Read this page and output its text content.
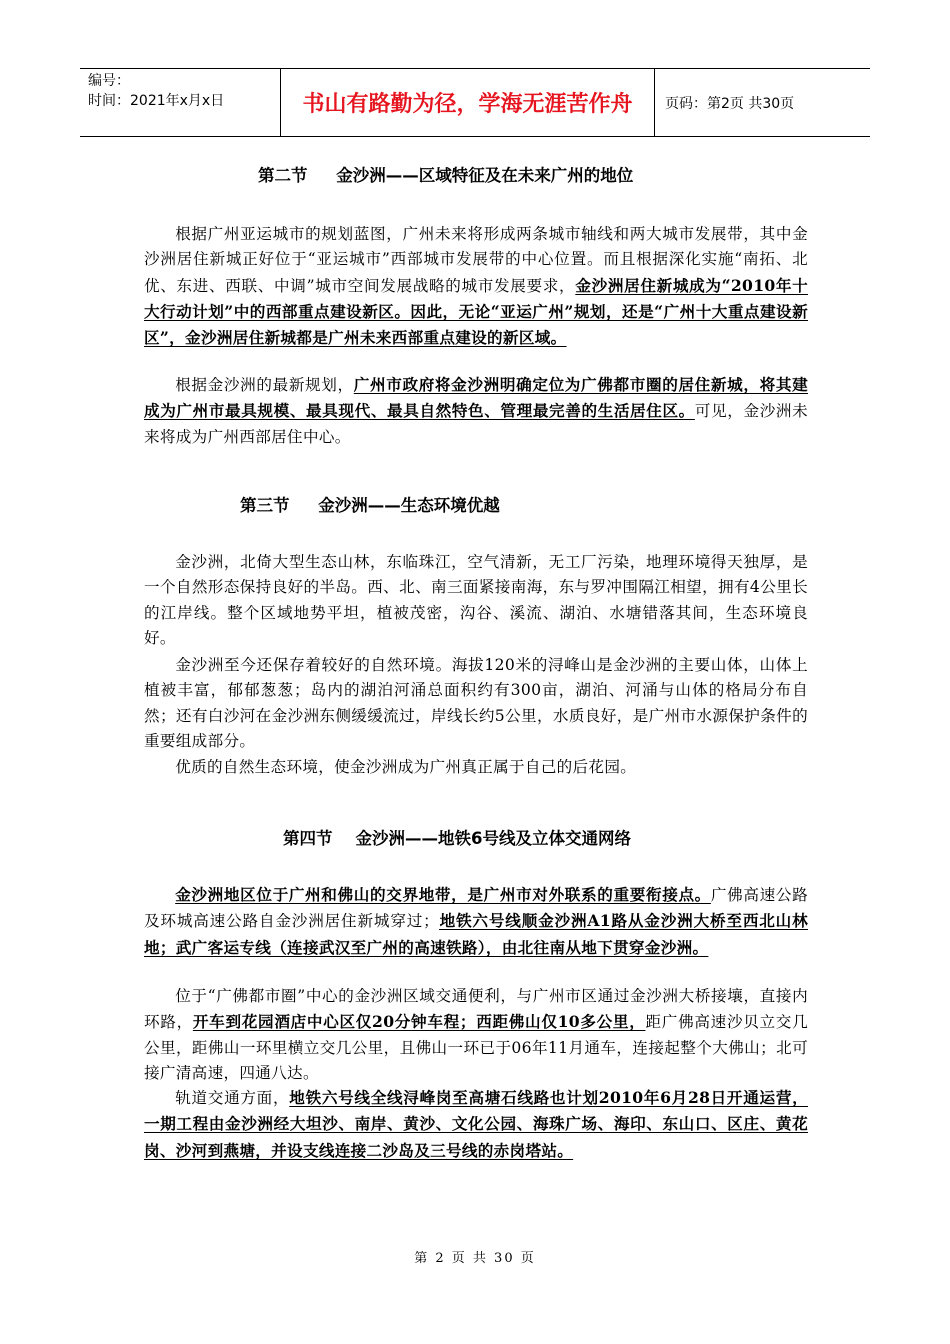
编号：
时间：2021年x月x日	书山有路勤为径，学海无涯苦作舟	页码：第2页 共30页
第二节     金沙洲——区域特征及在未来广州的地位

根据广州亚运城市的规划蓝图，广州未来将形成两条城市轴线和两大城市发展带，其中金沙洲居住新城正好位于“亚运城市”西部城市发展带的中心位置。而且根据深化实施“南拓、北优、东进、西联、中调”城市空间发展战略的城市发展要求，金沙洲居住新城成为“2010年十大行动计划”中的西部重点建设新区。因此，无论“亚运广州”规划，还是“广州十大重点建设新区”，金沙洲居住新城都是广州未来西部重点建设的新区域。

根据金沙洲的最新规划，广州市政府将金沙洲明确定位为广佛都市圈的居住新城，将其建成为广州市最具规模、最具现代、最具自然特色、管理最完善的生活居住区。可见，金沙洲未来将成为广州西部居住中心。

第三节     金沙洲——生态环境优越

金沙洲，北倚大型生态山林，东临珠江，空气清新，无工厂污染，地理环境得天独厚，是一个自然形态保持良好的半岛。西、北、南三面紧接南海，东与罗冲围隔江相望，拥有4公里长的江岸线。整个区域地势平坦，植被茂密，沟谷、溪流、湖泊、水塘错落其间，生态环境良好。

金沙洲至今还保存着较好的自然环境。海拔120米的浔峰山是金沙洲的主要山体，山体上植被丰富，郁郁葱葱；岛内的湖泊河涌总面积约有300亩，湖泊、河涌与山体的格局分布自然；还有白沙河在金沙洲东侧缓缓流过，岸线长约5公里，水质良好，是广州市水源保护条件的重要组成部分。

优质的自然生态环境，使金沙洲成为广州真正属于自己的后花园。

第四节    金沙洲——地铁6号线及立体交通网络

金沙洲地区位于广州和佛山的交界地带，是广州市对外联系的重要衔接点。广佛高速公路及环城高速公路自金沙洲居住新城穿过；地铁六号线顺金沙洲A1路从金沙洲大桥至西北山林地；武广客运专线（连接武汉至广州的高速铁路），由北往南从地下贯穿金沙洲。

位于“广佛都市圈”中心的金沙洲区域交通便利，与广州市区通过金沙洲大桥接壤，直接内环路，开车到花园酒店中心区仅20分钟车程；西距佛山仅10多公里，距广佛高速沙贝立交几公里，距佛山一环里横立交几公里，且佛山一环已于06年11月通车，连接起整个大佛山；北可接广清高速，四通八达。

轨道交通方面，地铁六号线全线浔峰岗至高塘石线路也计划2010年6月28日开通运营，一期工程由金沙洲经大坦沙、南岸、黄沙、文化公园、海珠广场、海印、东山口、区庄、黄花岗、沙河到燕塘，并设支线连接二沙岛及三号线的赤岗塔站。

第 2 页 共 30 页
